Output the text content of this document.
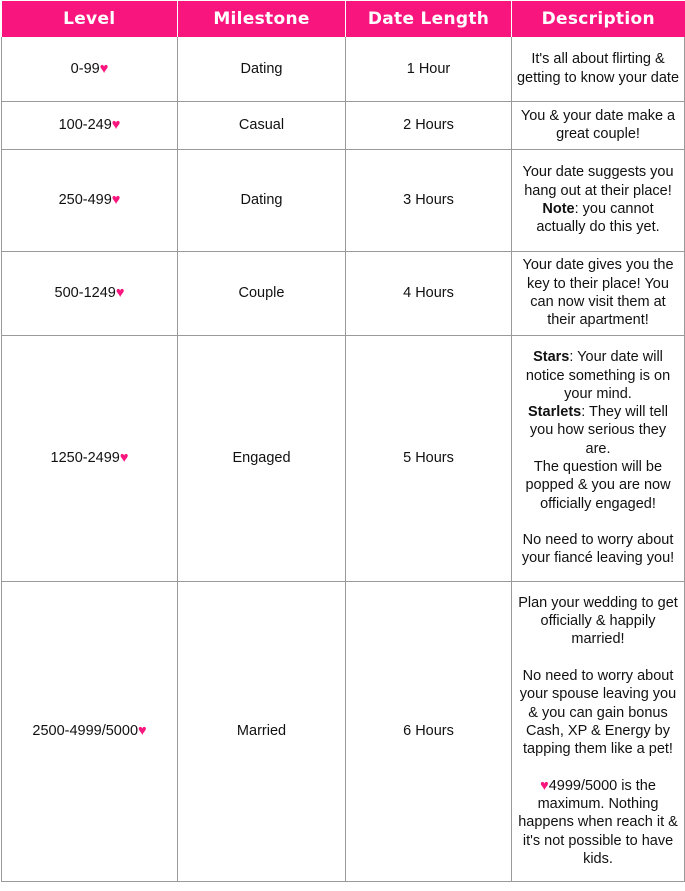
Level	Milestone	Date Length	Description
0-99♥	Dating	1 Hour	It's all about flirting & getting to know your date

100-249♥	Casual	2 Hours	You & your date make a great couple!

250-499♥	Dating	3 Hours	Your date suggests you hang out at their place!
Note: you cannot actually do this yet.

500-1249♥	Couple	4 Hours	Your date gives you the key to their place! You can now visit them at their apartment!

1250-2499♥	Engaged	5 Hours	Stars: Your date will notice something is on your mind.
Starlets: They will tell you how serious they are.
The question will be popped & you are now officially engaged!

No need to worry about your fiancé leaving you!

2500-4999/5000♥	Married	6 Hours	Plan your wedding to get officially & happily married!

No need to worry about your spouse leaving you & you can gain bonus Cash, XP & Energy by tapping them like a pet!

♥4999/5000 is the maximum. Nothing happens when reach it & it's not possible to have kids.
